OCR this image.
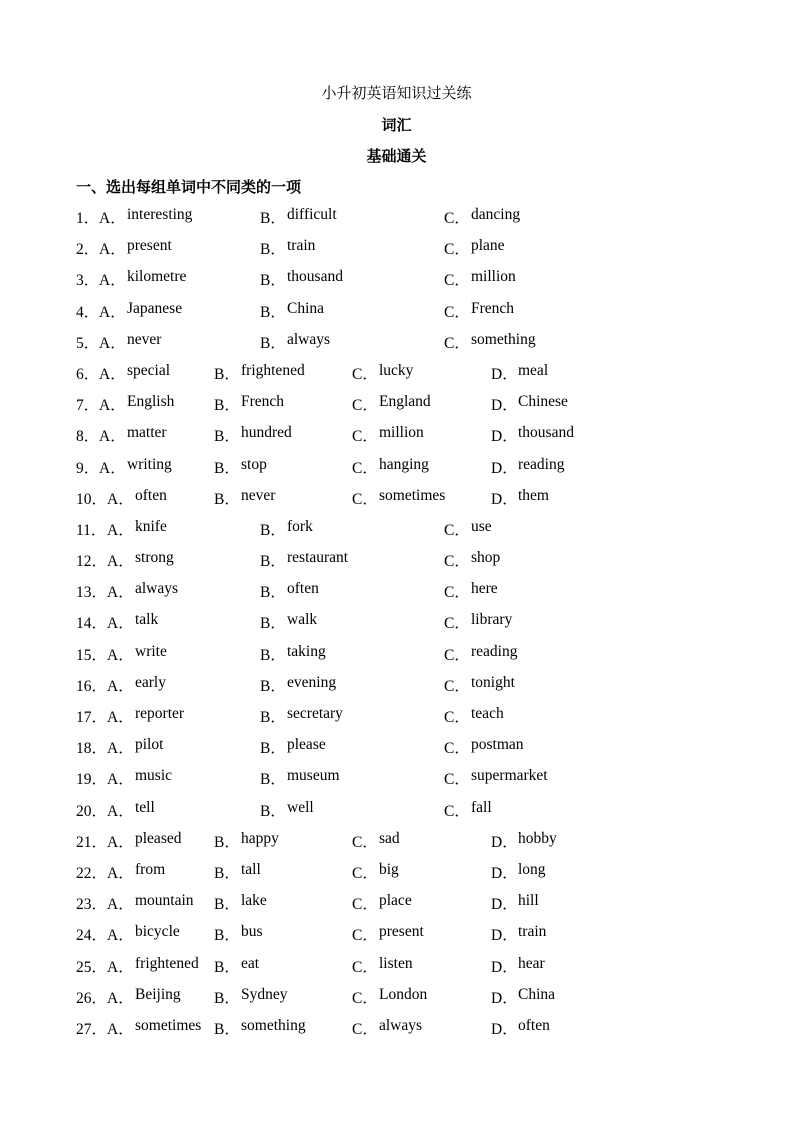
小升初英语知识过关练
词汇
基础通关
一、选出每组单词中不同类的一项
1． A． interesting	B． difficult	C． dancing
2． A． present	B． train	C． plane
3． A． kilometre	B． thousand	C． million
4． A． Japanese	B． China	C． French
5． A． never	B． always	C． something
6． A． special	B． frightened	C． lucky	D． meal
7． A． English	B． French	C． England	D． Chinese
8． A． matter	B． hundred	C． million	D． thousand
9． A． writing	B． stop	C． hanging	D． reading
10． A． often	B． never	C． sometimes	D． them
11． A． knife	B． fork	C． use
12． A． strong	B． restaurant	C． shop
13． A． always	B． often	C． here
14． A． talk	B． walk	C． library
15． A． write	B． taking	C． reading
16． A． early	B． evening	C． tonight
17． A． reporter	B． secretary	C． teach
18． A． pilot	B． please	C． postman
19． A． music	B． museum	C． supermarket
20． A． tell	B． well	C． fall
21． A． pleased B． happy	C． sad	D． hobby
22． A． from	B． tall	C． big	D． long
23． A． mountain B． lake	C． place	D． hill
24． A． bicycle B． bus	C． present	D． train
25． A． frightened B． eat	C． listen	D． hear
26． A． Beijing B． Sydney	C． London	D． China
27． A． sometimes B． something	C． always	D． often
